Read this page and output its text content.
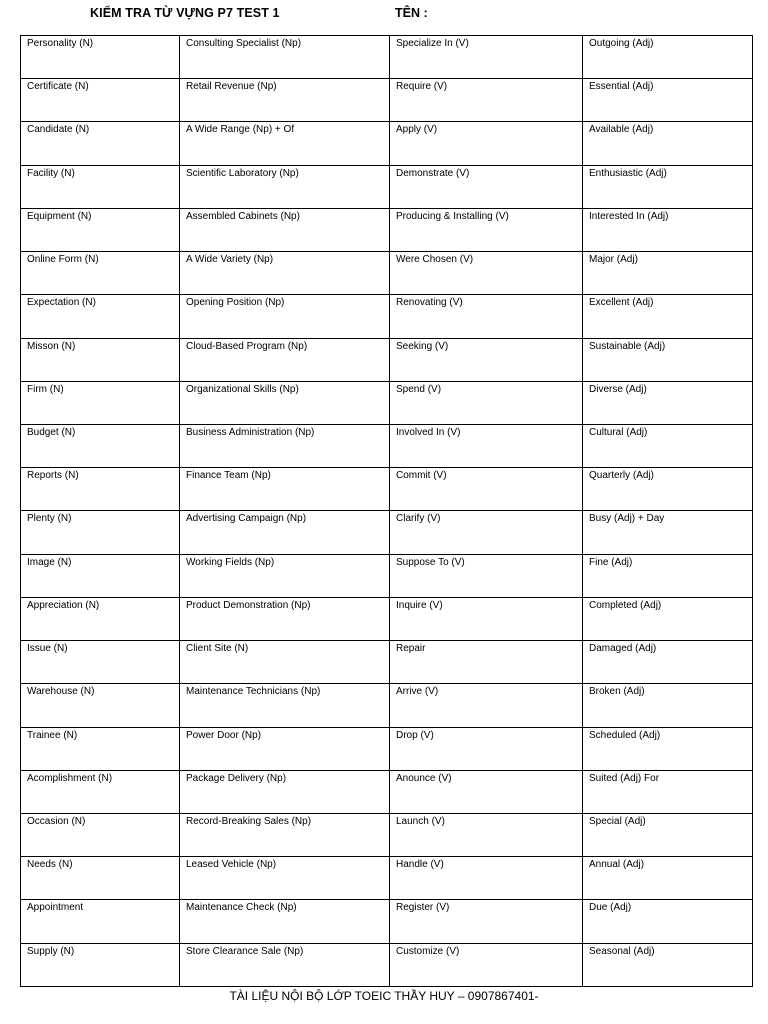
KIỂM TRA TỪ VỰNG P7 TEST 1	TÊN :
Personality (N)	Consulting Specialist (Np)	Specialize In (V)	Outgoing (Adj)
Certificate (N)	Retail Revenue (Np)	Require (V)	Essential (Adj)
Candidate (N)	A Wide Range (Np) + Of	Apply (V)	Available (Adj)
Facility (N)	Scientific Laboratory (Np)	Demonstrate (V)	Enthusiastic (Adj)
Equipment (N)	Assembled Cabinets (Np)	Producing & Installing (V)	Interested In (Adj)
Online Form (N)	A Wide Variety (Np)	Were Chosen (V)	Major (Adj)
Expectation (N)	Opening Position (Np)	Renovating (V)	Excellent (Adj)
Misson (N)	Cloud-Based Program (Np)	Seeking (V)	Sustainable (Adj)
Firm (N)	Organizational Skills (Np)	Spend (V)	Diverse (Adj)
Budget (N)	Business Administration (Np)	Involved In (V)	Cultural (Adj)
Reports (N)	Finance Team (Np)	Commit (V)	Quarterly (Adj)
Plenty (N)	Advertising Campaign (Np)	Clarify (V)	Busy (Adj) + Day
Image (N)	Working Fields (Np)	Suppose To (V)	Fine (Adj)
Appreciation (N)	Product Demonstration (Np)	Inquire (V)	Completed (Adj)
Issue (N)	Client Site (N)	Repair	Damaged (Adj)
Warehouse (N)	Maintenance Technicians (Np)	Arrive (V)	Broken (Adj)
Trainee (N)	Power Door (Np)	Drop (V)	Scheduled (Adj)
Acomplishment (N)	Package Delivery (Np)	Anounce (V)	Suited (Adj) For
Occasion (N)	Record-Breaking Sales (Np)	Launch (V)	Special (Adj)
Needs (N)	Leased Vehicle (Np)	Handle (V)	Annual (Adj)
Appointment	Maintenance Check (Np)	Register (V)	Due (Adj)
Supply (N)	Store Clearance Sale (Np)	Customize (V)	Seasonal (Adj)
TÀI LIỆU NỘI BỘ LỚP TOEIC THẦY HUY – 0907867401-
